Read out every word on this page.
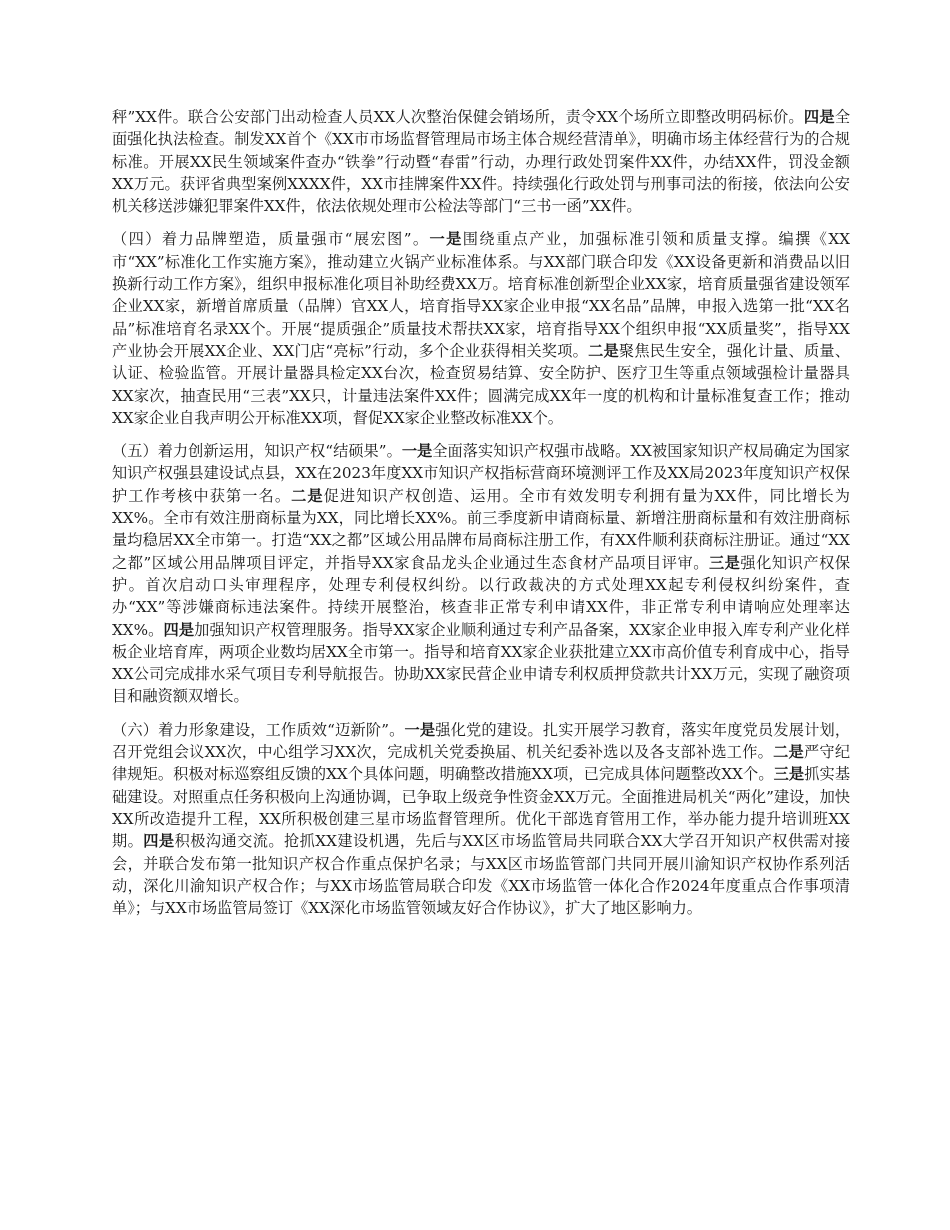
秤”XX件。联合公安部门出动检查人员XX人次整治保健会销场所，责令XX个场所立即整改明码标价。四是全面强化执法检查。制发XX首个《XX市市场监督管理局市场主体合规经营清单》，明确市场主体经营行为的合规标准。开展XX民生领域案件查办“铁拳”行动暨“春雷”行动，办理行政处罚案件XX件，办结XX件，罚没金额XX万元。获评省典型案例XXXX件，XX市挂牌案件XX件。持续强化行政处罚与刑事司法的衔接，依法向公安机关移送涉嫌犯罪案件XX件，依法依规处理市公检法等部门“三书一函”XX件。

（四）着力品牌塑造，质量强市“展宏图”。一是围绕重点产业，加强标准引领和质量支撑。编撰《XX市“XX”标准化工作实施方案》，推动建立火锅产业标准体系。与XX部门联合印发《XX设备更新和消费品以旧换新行动工作方案》，组织申报标准化项目补助经费XX万。培育标准创新型企业XX家，培育质量强省建设领军企业XX家，新增首席质量（品牌）官XX人，培育指导XX家企业申报“XX名品”品牌，申报入选第一批“XX名品”标准培育名录XX个。开展“提质强企”质量技术帮扶XX家，培育指导XX个组织申报“XX质量奖”，指导XX产业协会开展XX企业、XX门店“亮标”行动，多个企业获得相关奖项。二是聚焦民生安全，强化计量、质量、认证、检验监管。开展计量器具检定XX台次，检查贸易结算、安全防护、医疗卫生等重点领域强检计量器具XX家次，抽查民用“三表”XX只，计量违法案件XX件；圆满完成XX年一度的机构和计量标准复查工作；推动XX家企业自我声明公开标准XX项，督促XX家企业整改标准XX个。

（五）着力创新运用，知识产权“结硕果”。一是全面落实知识产权强市战略。XX被国家知识产权局确定为国家知识产权强县建设试点县，XX在2023年度XX市知识产权指标营商环境测评工作及XX局2023年度知识产权保护工作考核中获第一名。二是促进知识产权创造、运用。全市有效发明专利拥有量为XX件，同比增长为XX%。全市有效注册商标量为XX，同比增长XX%。前三季度新申请商标量、新增注册商标量和有效注册商标量均稳居XX全市第一。打造“XX之都”区域公用品牌布局商标注册工作，有XX件顺利获商标注册证。通过“XX之都”区域公用品牌项目评定，并指导XX家食品龙头企业通过生态食材产品项目评审。三是强化知识产权保护。首次启动口头审理程序，处理专利侵权纠纷。以行政裁决的方式处理XX起专利侵权纠纷案件，查办“XX”等涉嫌商标违法案件。持续开展整治，核查非正常专利申请XX件，非正常专利申请响应处理率达XX%。四是加强知识产权管理服务。指导XX家企业顺利通过专利产品备案，XX家企业申报入库专利产业化样板企业培育库，两项企业数均居XX全市第一。指导和培育XX家企业获批建立XX市高价值专利育成中心，指导XX公司完成排水采气项目专利导航报告。协助XX家民营企业申请专利权质押贷款共计XX万元，实现了融资项目和融资额双增长。

（六）着力形象建设，工作质效“迈新阶”。一是强化党的建设。扎实开展学习教育，落实年度党员发展计划，召开党组会议XX次，中心组学习XX次，完成机关党委换届、机关纪委补选以及各支部补选工作。二是严守纪律规矩。积极对标巡察组反馈的XX个具体问题，明确整改措施XX项，已完成具体问题整改XX个。三是抓实基础建设。对照重点任务积极向上沟通协调，已争取上级竞争性资金XX万元。全面推进局机关“两化”建设，加快XX所改造提升工程，XX所积极创建三星市场监督管理所。优化干部选育管用工作，举办能力提升培训班XX期。四是积极沟通交流。抢抓XX建设机遇，先后与XX区市场监管局共同联合XX大学召开知识产权供需对接会，并联合发布第一批知识产权合作重点保护名录；与XX区市场监管部门共同开展川渝知识产权协作系列活动，深化川渝知识产权合作；与XX市场监管局联合印发《XX市场监管一体化合作2024年度重点合作事项清单》；与XX市场监管局签订《XX深化市场监管领域友好合作协议》，扩大了地区影响力。
